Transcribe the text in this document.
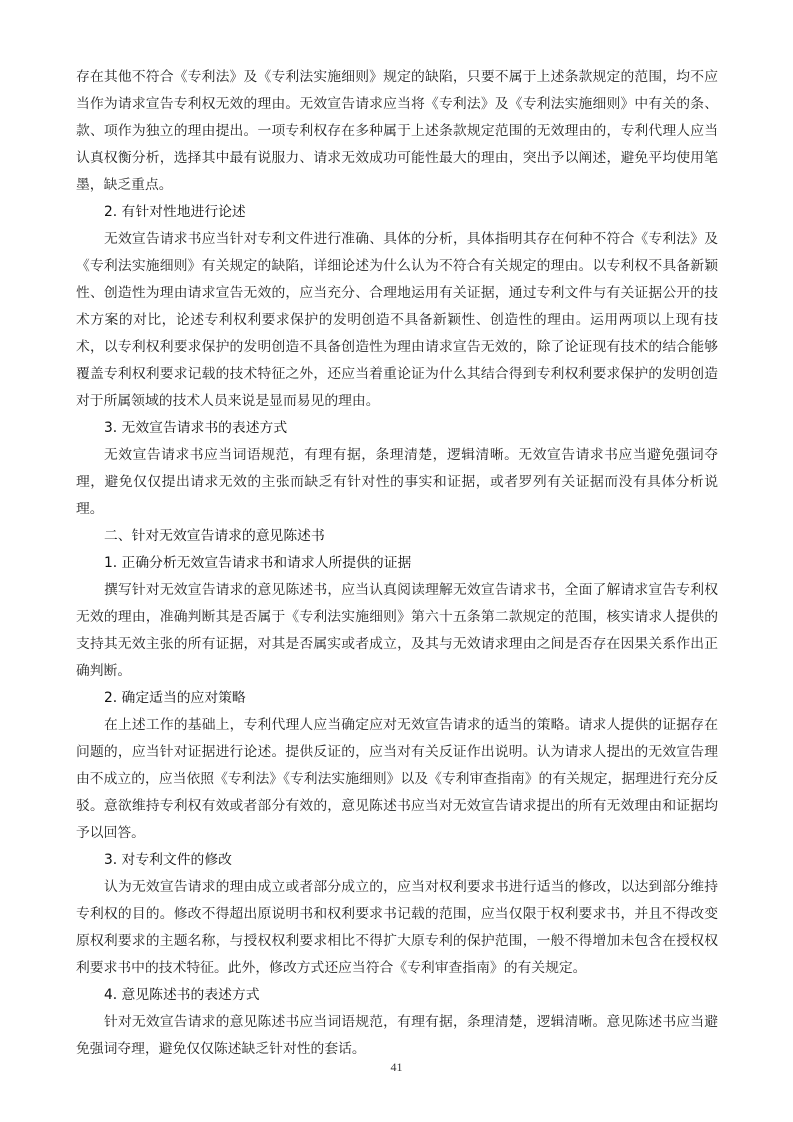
存在其他不符合《专利法》及《专利法实施细则》规定的缺陷，只要不属于上述条款规定的范围，均不应当作为请求宣告专利权无效的理由。无效宣告请求应当将《专利法》及《专利法实施细则》中有关的条、款、项作为独立的理由提出。一项专利权存在多种属于上述条款规定范围的无效理由的，专利代理人应当认真权衡分析，选择其中最有说服力、请求无效成功可能性最大的理由，突出予以阐述，避免平均使用笔墨，缺乏重点。

2. 有针对性地进行论述

无效宣告请求书应当针对专利文件进行准确、具体的分析，具体指明其存在何种不符合《专利法》及《专利法实施细则》有关规定的缺陷，详细论述为什么认为不符合有关规定的理由。以专利权不具备新颖性、创造性为理由请求宣告无效的，应当充分、合理地运用有关证据，通过专利文件与有关证据公开的技术方案的对比，论述专利权利要求保护的发明创造不具备新颖性、创造性的理由。运用两项以上现有技术，以专利权利要求保护的发明创造不具备创造性为理由请求宣告无效的，除了论证现有技术的结合能够覆盖专利权利要求记载的技术特征之外，还应当着重论证为什么其结合得到专利权利要求保护的发明创造对于所属领域的技术人员来说是显而易见的理由。

3. 无效宣告请求书的表述方式

无效宣告请求书应当词语规范，有理有据，条理清楚，逻辑清晰。无效宣告请求书应当避免强词夺理，避免仅仅提出请求无效的主张而缺乏有针对性的事实和证据，或者罗列有关证据而没有具体分析说理。

二、针对无效宣告请求的意见陈述书

1. 正确分析无效宣告请求书和请求人所提供的证据

撰写针对无效宣告请求的意见陈述书，应当认真阅读理解无效宣告请求书，全面了解请求宣告专利权无效的理由，准确判断其是否属于《专利法实施细则》第六十五条第二款规定的范围，核实请求人提供的支持其无效主张的所有证据，对其是否属实或者成立，及其与无效请求理由之间是否存在因果关系作出正确判断。

2. 确定适当的应对策略

在上述工作的基础上，专利代理人应当确定应对无效宣告请求的适当的策略。请求人提供的证据存在问题的，应当针对证据进行论述。提供反证的，应当对有关反证作出说明。认为请求人提出的无效宣告理由不成立的，应当依照《专利法》《专利法实施细则》以及《专利审查指南》的有关规定，据理进行充分反驳。意欲维持专利权有效或者部分有效的，意见陈述书应当对无效宣告请求提出的所有无效理由和证据均予以回答。

3. 对专利文件的修改

认为无效宣告请求的理由成立或者部分成立的，应当对权利要求书进行适当的修改，以达到部分维持专利权的目的。修改不得超出原说明书和权利要求书记载的范围，应当仅限于权利要求书，并且不得改变原权利要求的主题名称，与授权权利要求相比不得扩大原专利的保护范围，一般不得增加未包含在授权权利要求书中的技术特征。此外，修改方式还应当符合《专利审查指南》的有关规定。

4. 意见陈述书的表述方式

针对无效宣告请求的意见陈述书应当词语规范，有理有据，条理清楚，逻辑清晰。意见陈述书应当避免强词夺理，避免仅仅陈述缺乏针对性的套话。

41
